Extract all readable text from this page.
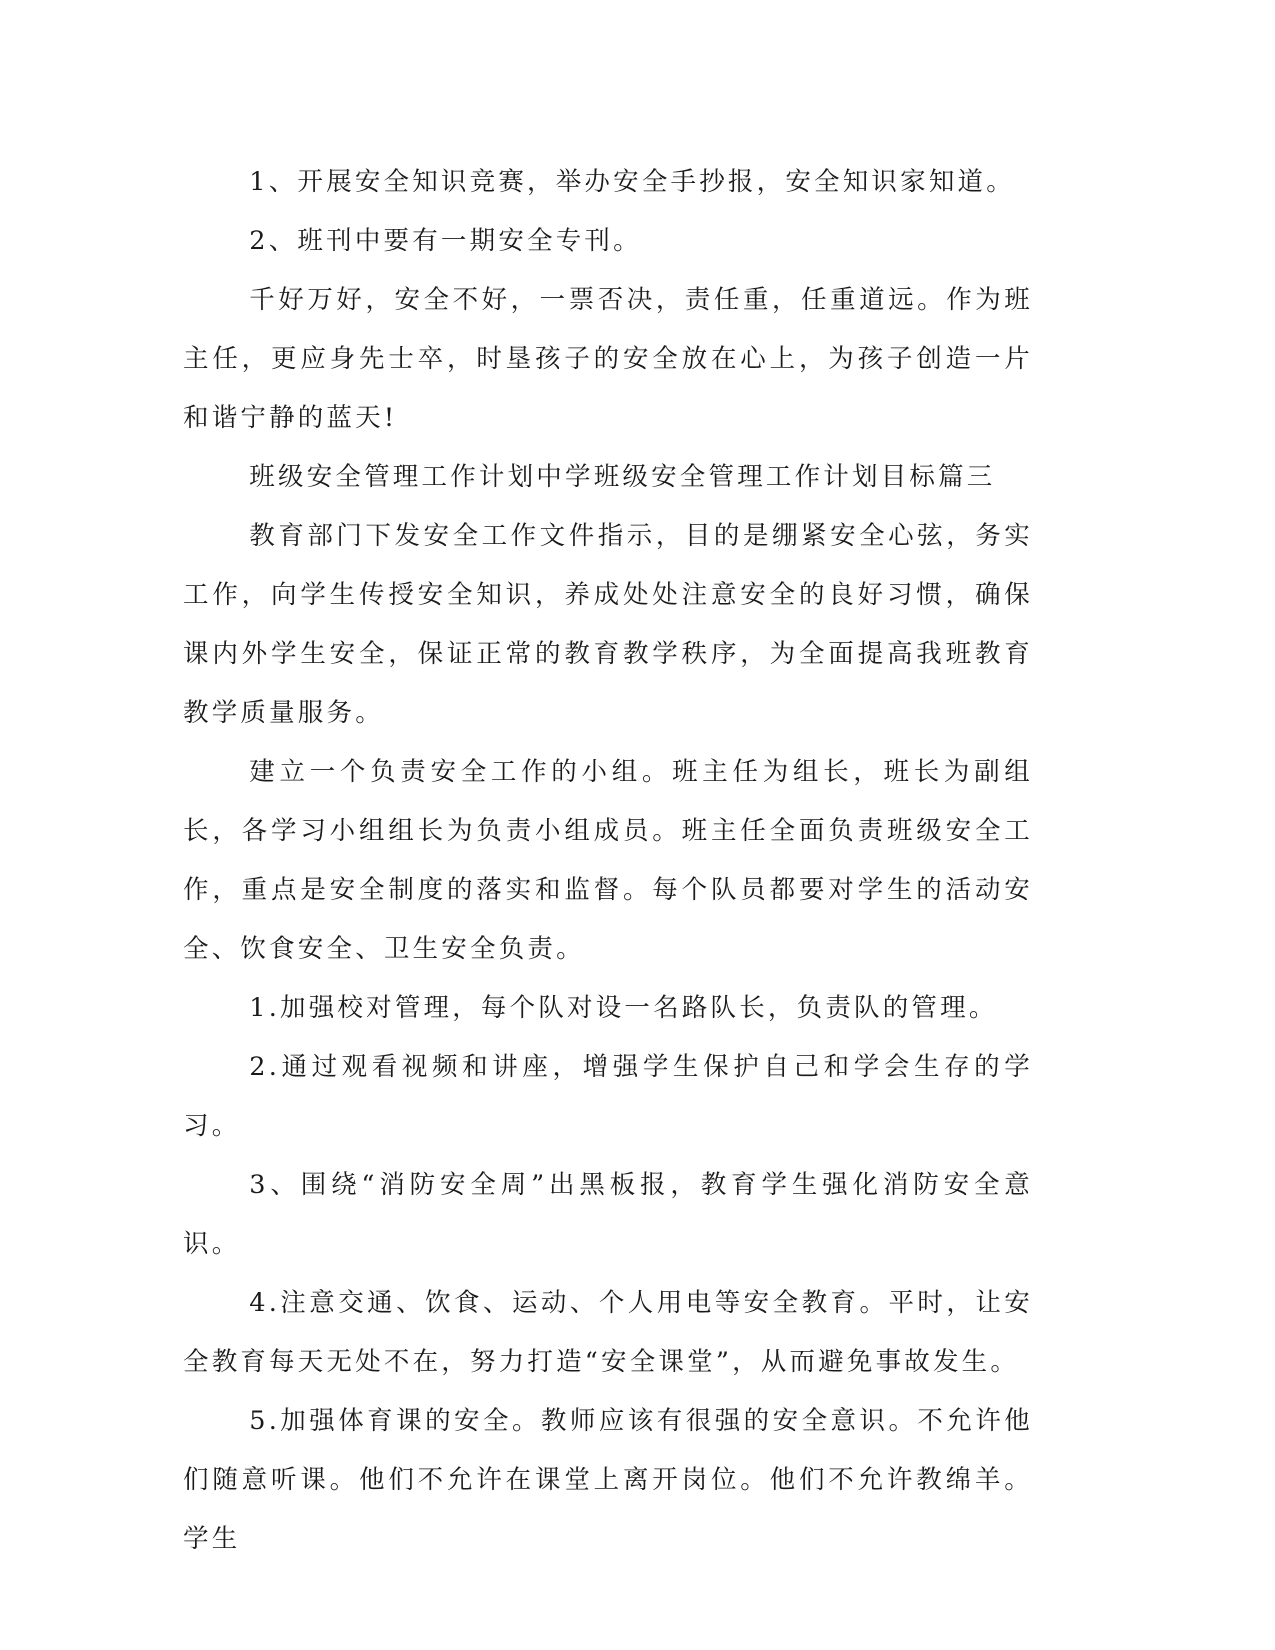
1、开展安全知识竞赛，举办安全手抄报，安全知识家知道。

2、班刊中要有一期安全专刊。

千好万好，安全不好，一票否决，责任重，任重道远。作为班主任，更应身先士卒，时垦孩子的安全放在心上，为孩子创造一片和谐宁静的蓝天!

班级安全管理工作计划中学班级安全管理工作计划目标篇三

教育部门下发安全工作文件指示，目的是绷紧安全心弦，务实工作，向学生传授安全知识，养成处处注意安全的良好习惯，确保课内外学生安全，保证正常的教育教学秩序，为全面提高我班教育教学质量服务。

建立一个负责安全工作的小组。班主任为组长，班长为副组长，各学习小组组长为负责小组成员。班主任全面负责班级安全工作，重点是安全制度的落实和监督。每个队员都要对学生的活动安全、饮食安全、卫生安全负责。

1.加强校对管理，每个队对设一名路队长，负责队的管理。

2.通过观看视频和讲座，增强学生保护自己和学会生存的学习。

3、围绕“消防安全周”出黑板报，教育学生强化消防安全意识。

4.注意交通、饮食、运动、个人用电等安全教育。平时，让安全教育每天无处不在，努力打造“安全课堂”，从而避免事故发生。

5.加强体育课的安全。教师应该有很强的安全意识。不允许他们随意听课。他们不允许在课堂上离开岗位。他们不允许教绵羊。学生
